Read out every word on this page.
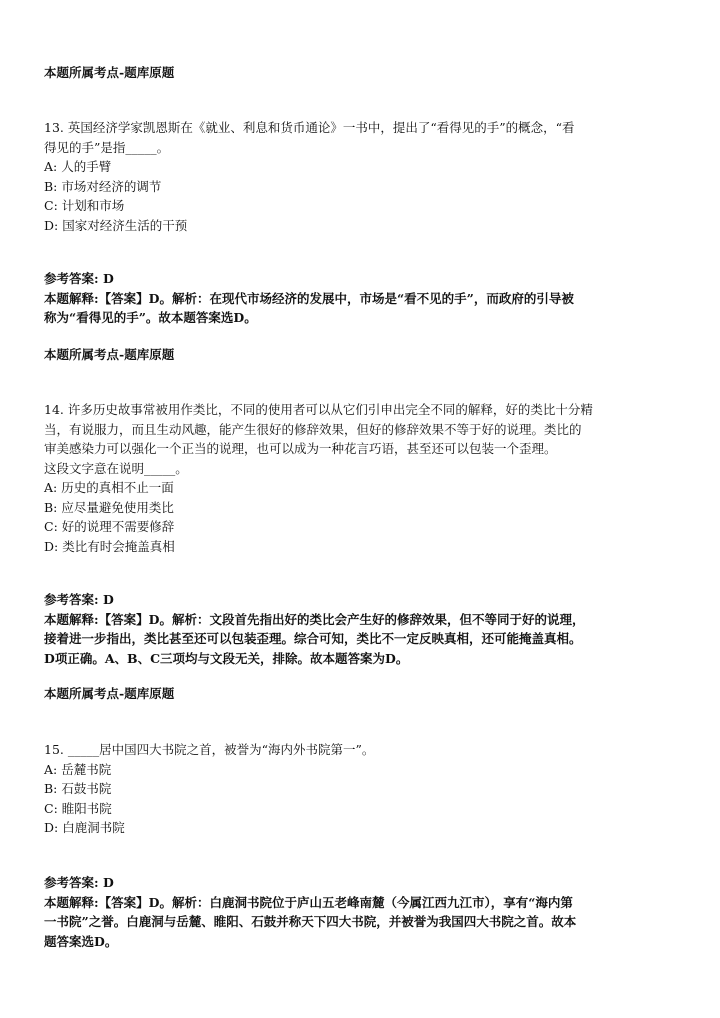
本题所属考点-题库原题
13. 英国经济学家凯恩斯在《就业、利息和货币通论》一书中，提出了“看得见的手”的概念，“看
得见的手”是指_____。
A: 人的手臂
B: 市场对经济的调节
C: 计划和市场
D: 国家对经济生活的干预
参考答案: D
本题解释:【答案】D。解析：在现代市场经济的发展中，市场是“看不见的手”，而政府的引导被
称为“看得见的手”。故本题答案选D。
本题所属考点-题库原题
14. 许多历史故事常被用作类比，不同的使用者可以从它们引申出完全不同的解释，好的类比十分精
当，有说服力，而且生动风趣，能产生很好的修辞效果，但好的修辞效果不等于好的说理。类比的
审美感染力可以强化一个正当的说理，也可以成为一种花言巧语，甚至还可以包装一个歪理。
这段文字意在说明_____。
A: 历史的真相不止一面
B: 应尽量避免使用类比
C: 好的说理不需要修辞
D: 类比有时会掩盖真相
参考答案: D
本题解释:【答案】D。解析：文段首先指出好的类比会产生好的修辞效果，但不等同于好的说理，
接着进一步指出，类比甚至还可以包装歪理。综合可知，类比不一定反映真相，还可能掩盖真相。
D项正确。A、B、C三项均与文段无关，排除。故本题答案为D。
本题所属考点-题库原题
15. _____居中国四大书院之首，被誉为“海内外书院第一”。
A: 岳麓书院
B: 石鼓书院
C: 睢阳书院
D: 白鹿洞书院
参考答案: D
本题解释:【答案】D。解析：白鹿洞书院位于庐山五老峰南麓（今属江西九江市），享有“海内第
一书院”之誉。白鹿洞与岳麓、睢阳、石鼓并称天下四大书院，并被誉为我国四大书院之首。故本
题答案选D。
